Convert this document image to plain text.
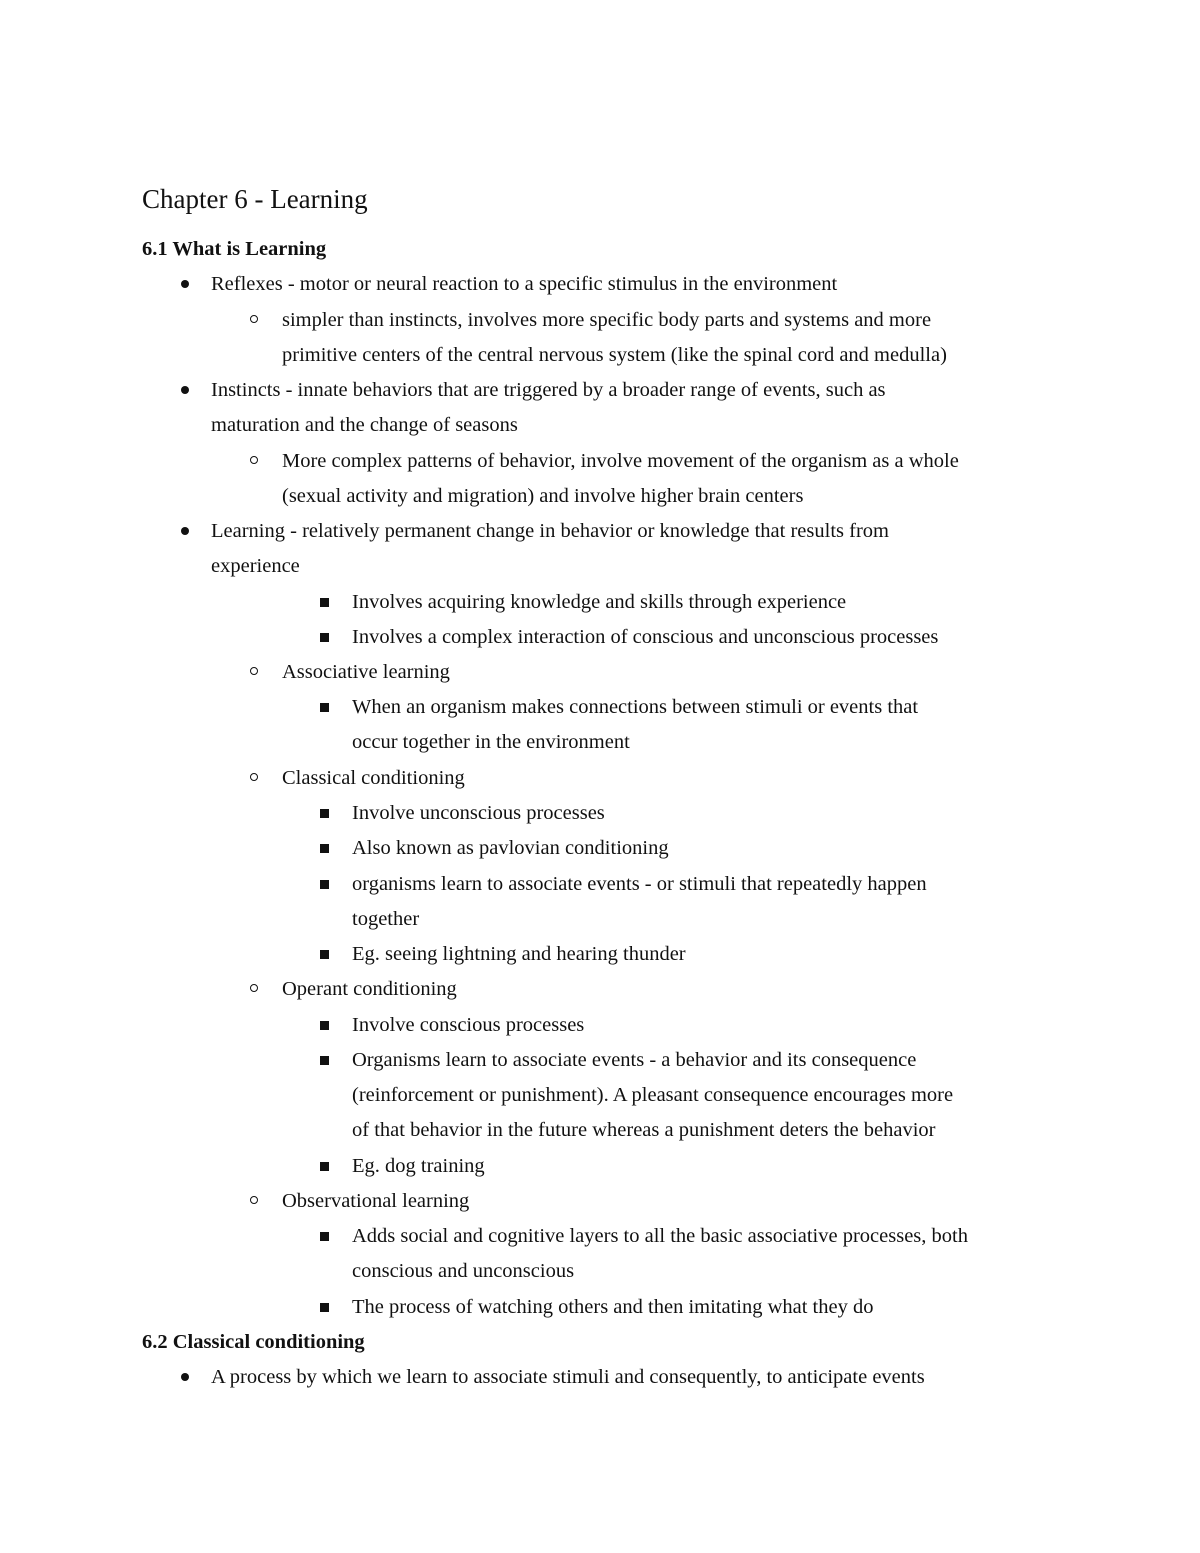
Chapter 6 - Learning
6.1 What is Learning
Reflexes - motor or neural reaction to a specific stimulus in the environment
simpler than instincts, involves more specific body parts and systems and more
primitive centers of the central nervous system (like the spinal cord and medulla)
Instincts - innate behaviors that are triggered by a broader range of events, such as
maturation and the change of seasons
More complex patterns of behavior, involve movement of the organism as a whole
(sexual activity and migration) and involve higher brain centers
Learning - relatively permanent change in behavior or knowledge that results from
experience
Involves acquiring knowledge and skills through experience
Involves a complex interaction of conscious and unconscious processes
Associative learning
When an organism makes connections between stimuli or events that
occur together in the environment
Classical conditioning
Involve unconscious processes
Also known as pavlovian conditioning
organisms learn to associate events - or stimuli that repeatedly happen
together
Eg. seeing lightning and hearing thunder
Operant conditioning
Involve conscious processes
Organisms learn to associate events - a behavior and its consequence
(reinforcement or punishment). A pleasant consequence encourages more
of that behavior in the future whereas a punishment deters the behavior
Eg. dog training
Observational learning
Adds social and cognitive layers to all the basic associative processes, both
conscious and unconscious
The process of watching others and then imitating what they do
6.2 Classical conditioning
A process by which we learn to associate stimuli and consequently, to anticipate events
